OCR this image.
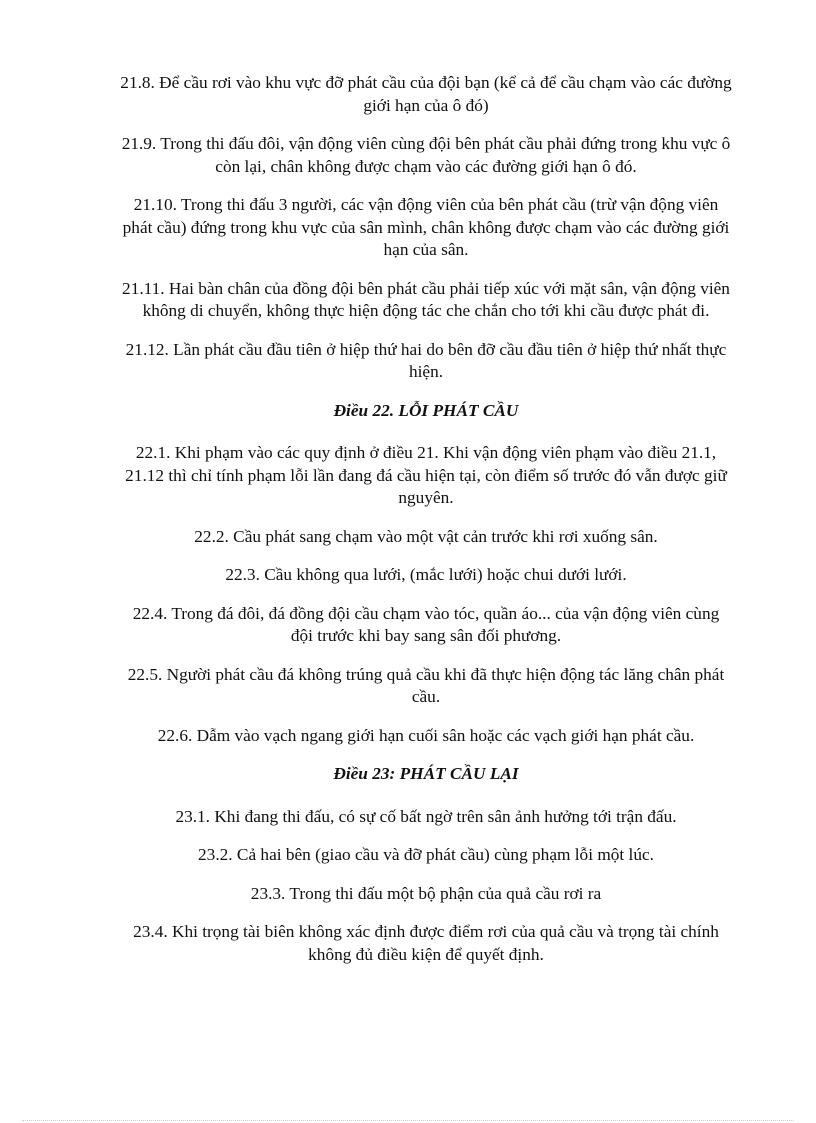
21.8. Để cầu rơi vào khu vực đỡ phát cầu của đội bạn (kể cả để cầu chạm vào các đường giới hạn của ô đó)

21.9. Trong thi đấu đôi, vận động viên cùng đội bên phát cầu phải đứng trong khu vực ô còn lại, chân không được chạm vào các đường giới hạn ô đó.

21.10. Trong thi đấu 3 người, các vận động viên của bên phát cầu (trừ vận động viên phát cầu) đứng trong khu vực của sân mình, chân không được chạm vào các đường giới hạn của sân.

21.11. Hai bàn chân của đồng đội bên phát cầu phải tiếp xúc với mặt sân, vận động viên không di chuyển, không thực hiện động tác che chắn cho tới khi cầu được phát đi.

21.12. Lần phát cầu đầu tiên ở hiệp thứ hai do bên đỡ cầu đầu tiên ở hiệp thứ nhất thực hiện.

Điều 22. LỖI PHÁT CẦU

22.1. Khi phạm vào các quy định ở điều 21. Khi vận động viên phạm vào điều 21.1, 21.12 thì chỉ tính phạm lỗi lần đang đá cầu hiện tại, còn điểm số trước đó vẫn được giữ nguyên.

22.2. Cầu phát sang chạm vào một vật cản trước khi rơi xuống sân.

22.3. Cầu không qua lưới, (mắc lưới) hoặc chui dưới lưới.

22.4. Trong đá đôi, đá đồng đội cầu chạm vào tóc, quần áo... của vận động viên cùng đội trước khi bay sang sân đối phương.

22.5. Người phát cầu đá không trúng quả cầu khi đã thực hiện động tác lăng chân phát cầu.

22.6. Dẫm vào vạch ngang giới hạn cuối sân hoặc các vạch giới hạn phát cầu.

Điều 23: PHÁT CẦU LẠI

23.1. Khi đang thi đấu, có sự cố bất ngờ trên sân ảnh hưởng tới trận đấu.

23.2. Cả hai bên (giao cầu và đỡ phát cầu) cùng phạm lỗi một lúc.

23.3. Trong thi đấu một bộ phận của quả cầu rơi ra

23.4. Khi trọng tài biên không xác định được điểm rơi của quả cầu và trọng tài chính không đủ điều kiện để quyết định.
